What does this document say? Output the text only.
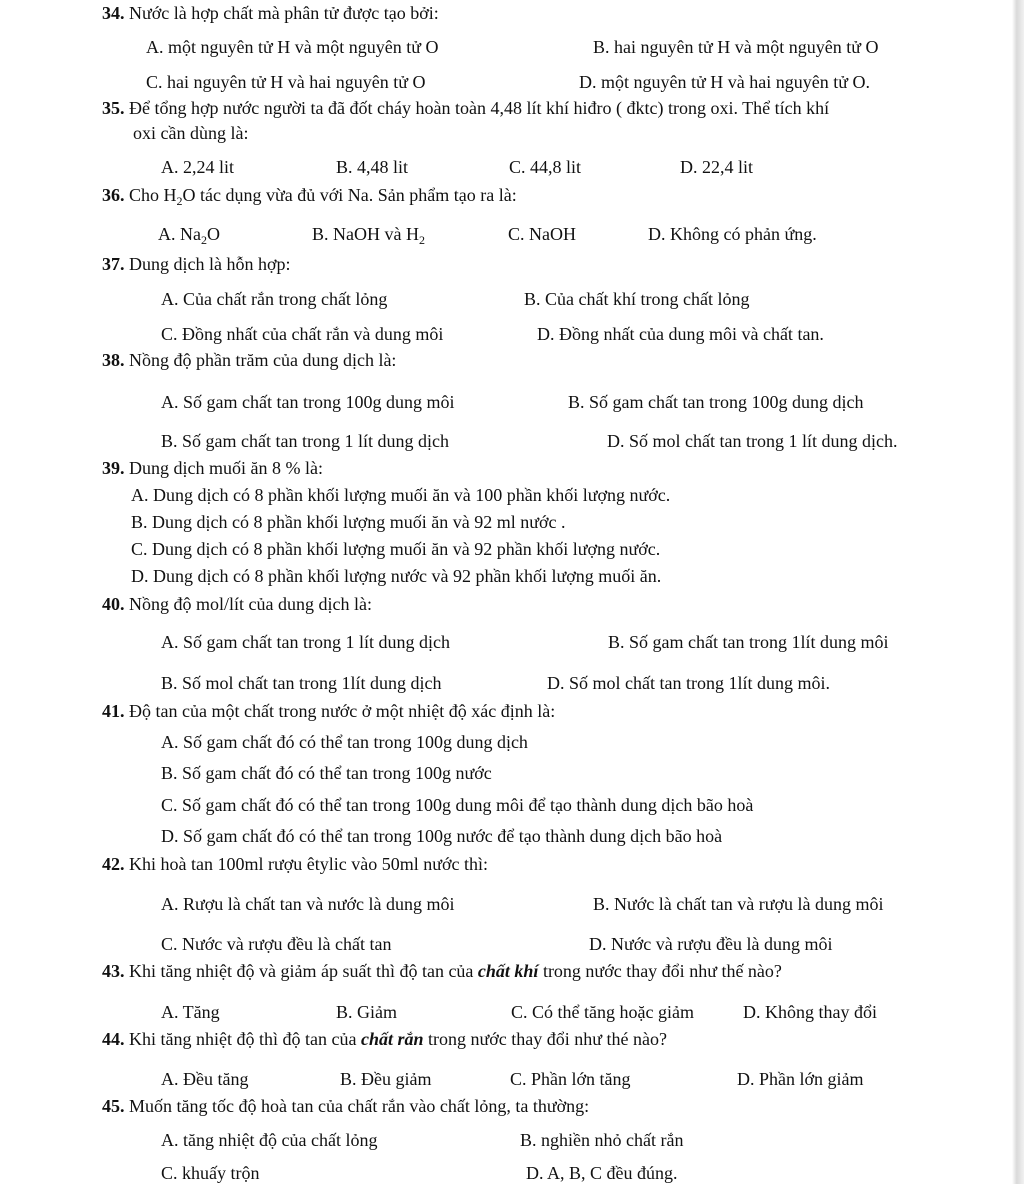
34. Nước là hợp chất mà phân tử được tạo bởi:
A. một nguyên tử H và một nguyên tử O	B. hai nguyên tử H và một nguyên tử O
C. hai nguyên tử H và hai nguyên tử O	D. một nguyên tử H và hai nguyên tử O.
35. Để tổng hợp nước người ta đã đốt cháy hoàn toàn 4,48 lít khí hiđro ( đktc) trong oxi. Thể tích khí
oxi cần dùng là:
A. 2,24 lit	B. 4,48 lit	C. 44,8 lit	D. 22,4 lit
36. Cho $H_2O$ tác dụng vừa đủ với Na. Sản phẩm tạo ra là:
A. $Na_2O$	B. NaOH và $H_2$	C. NaOH	D. Không có phản ứng.
37. Dung dịch là hỗn hợp:
A. Của chất rắn trong chất lỏng	B. Của chất khí trong chất lỏng
C. Đồng nhất của chất rắn và dung môi	D. Đồng nhất của dung môi và chất tan.
38. Nồng độ phần trăm của dung dịch là:
A. Số gam chất tan trong 100g dung môi	B. Số gam chất tan trong 100g dung dịch
B. Số gam chất tan trong 1 lít dung dịch	D. Số mol chất tan trong 1 lít dung dịch.
39. Dung dịch muối ăn 8 % là:
A. Dung dịch có 8 phần khối lượng muối ăn và 100 phần khối lượng nước.
B. Dung dịch có 8 phần khối lượng muối ăn và 92 ml nước .
C. Dung dịch có 8 phần khối lượng muối ăn và 92 phần khối lượng nước.
D. Dung dịch có 8 phần khối lượng nước và 92 phần khối lượng muối ăn.
40. Nồng độ mol/lít của dung dịch là:
A. Số gam chất tan trong 1 lít dung dịch	B. Số gam chất tan trong 1lít dung môi
B. Số mol chất tan trong 1lít dung dịch	D. Số mol chất tan trong 1lít dung môi.
41. Độ tan của một chất trong nước ở một nhiệt độ xác định là:
A. Số gam chất đó có thể tan trong 100g dung dịch
B. Số gam chất đó có thể tan trong 100g nước
C. Số gam chất đó có thể tan trong 100g dung môi để tạo thành dung dịch bão hoà
D. Số gam chất đó có thể tan trong 100g nước để tạo thành dung dịch bão hoà
42. Khi hoà tan 100ml rượu êtylic vào 50ml nước thì:
A. Rượu là chất tan và nước là dung môi	B. Nước là chất tan và rượu là dung môi
C. Nước và rượu đều là chất tan	D. Nước và rượu đều là dung môi
43. Khi tăng nhiệt độ và giảm áp suất thì độ tan của chất khí trong nước thay đổi như thế nào?
A. Tăng	B. Giảm	C. Có thể tăng hoặc giảm	D. Không thay đổi
44. Khi tăng nhiệt độ thì độ tan của chất rắn trong nước thay đổi như thé nào?
A. Đều tăng	B. Đều giảm	C. Phần lớn tăng	D. Phần lớn giảm
45. Muốn tăng tốc độ hoà tan của chất rắn vào chất lỏng, ta thường:
A. tăng nhiệt độ của chất lỏng	B. nghiền nhỏ chất rắn
C. khuấy trộn	D. A, B, C đều đúng.
